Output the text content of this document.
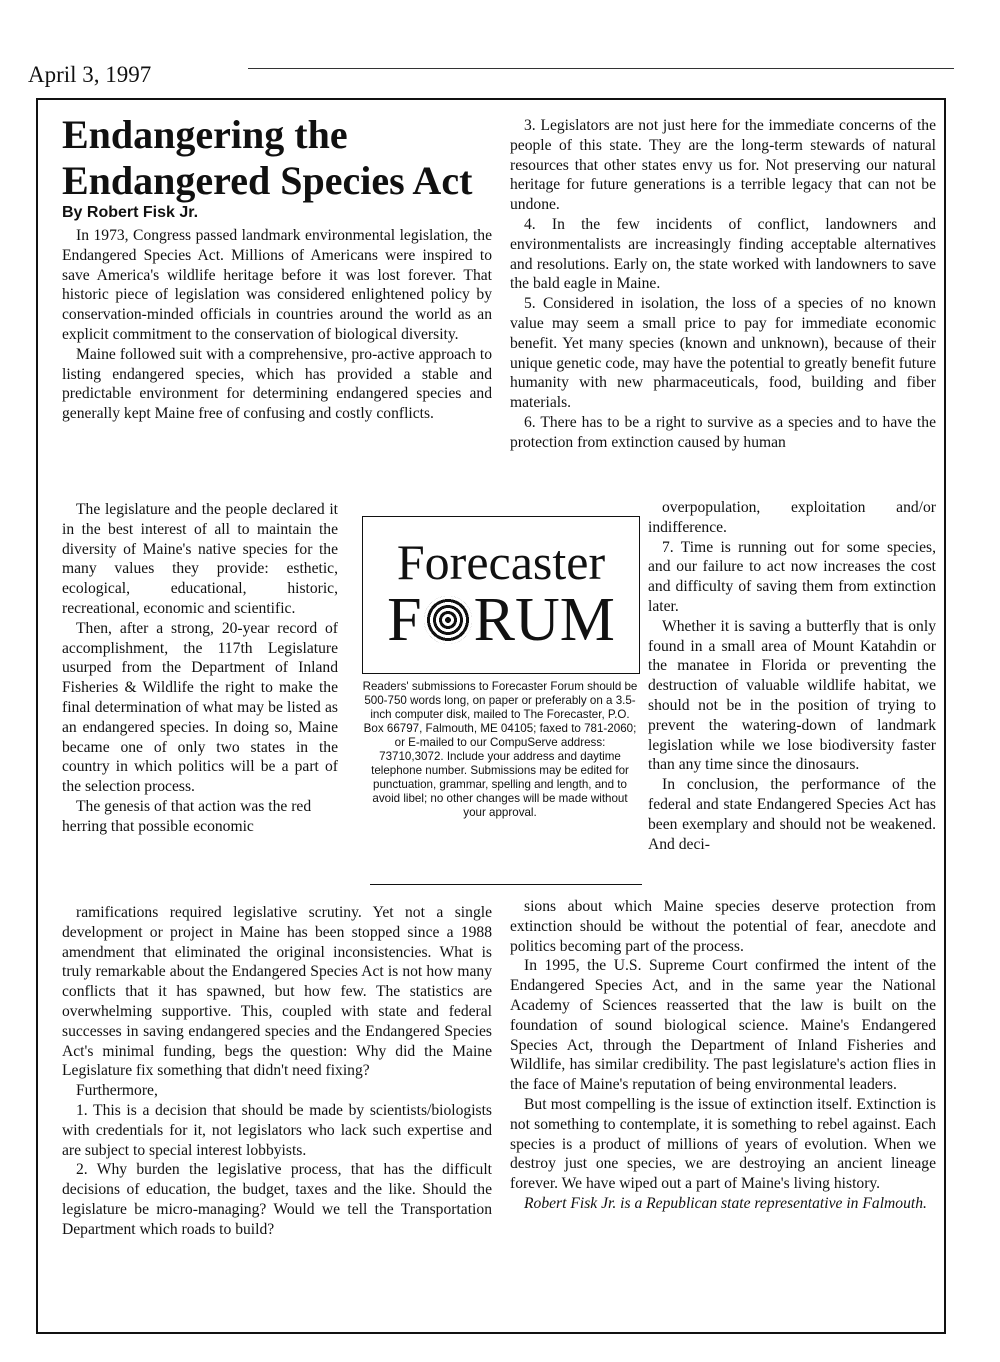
April 3, 1997
Endangering the Endangered Species Act
By Robert Fisk Jr.

In 1973, Congress passed landmark environmental legislation, the Endangered Species Act. Millions of Americans were inspired to save America's wildlife heritage before it was lost forever. That historic piece of legislation was considered enlightened policy by conservation-minded officials in countries around the world as an explicit commitment to the conservation of biological diversity.

Maine followed suit with a comprehensive, pro-active approach to listing endangered species, which has provided a stable and predictable environment for determining endangered species and generally kept Maine free of confusing and costly conflicts.

The legislature and the people declared it in the best interest of all to maintain the diversity of Maine's native species for the many values they provide: esthetic, ecological, educational, historic, recreational, economic and scientific.

Then, after a strong, 20-year record of accomplishment, the 117th Legislature usurped from the Department of Inland Fisheries & Wildlife the right to make the final determination of what may be listed as an endangered species. In doing so, Maine became one of only two states in the country in which politics will be a part of the selection process.

The genesis of that action was the red herring that possible economic

ramifications required legislative scrutiny. Yet not a single development or project in Maine has been stopped since a 1988 amendment that eliminated the original inconsistencies. What is truly remarkable about the Endangered Species Act is not how many conflicts that it has spawned, but how few. The statistics are overwhelming supportive. This, coupled with state and federal successes in saving endangered species and the Endangered Species Act's minimal funding, begs the question: Why did the Maine Legislature fix something that didn't need fixing?

Furthermore,

1. This is a decision that should be made by scientists/biologists with credentials for it, not legislators who lack such expertise and are subject to special interest lobbyists.

2. Why burden the legislative process, that has the difficult decisions of education, the budget, taxes and the like. Should the legislature be micro-managing? Would we tell the Transportation Department which roads to build?

3. Legislators are not just here for the immediate concerns of the people of this state. They are the long-term stewards of natural resources that other states envy us for. Not preserving our natural heritage for future generations is a terrible legacy that can not be undone.

4. In the few incidents of conflict, landowners and environmentalists are increasingly finding acceptable alternatives and resolutions. Early on, the state worked with landowners to save the bald eagle in Maine.

5. Considered in isolation, the loss of a species of no known value may seem a small price to pay for immediate economic benefit. Yet many species (known and unknown), because of their unique genetic code, may have the potential to greatly benefit future humanity with new pharmaceuticals, food, building and fiber materials.

6. There has to be a right to survive as a species and to have the protection from extinction caused by human

overpopulation, exploitation and/or indifference.

7. Time is running out for some species, and our failure to act now increases the cost and difficulty of saving them from extinction later.

Whether it is saving a butterfly that is only found in a small area of Mount Katahdin or the manatee in Florida or preventing the destruction of valuable wildlife habitat, we should not be in the position of trying to prevent the watering-down of landmark legislation while we lose biodiversity faster than any time since the dinosaurs.

In conclusion, the performance of the federal and state Endangered Species Act has been exemplary and should not be weakened. And deci-

sions about which Maine species deserve protection from extinction should be without the potential of fear, anecdote and politics becoming part of the process.

In 1995, the U.S. Supreme Court confirmed the intent of the Endangered Species Act, and in the same year the National Academy of Sciences reasserted that the law is built on the foundation of sound biological science. Maine's Endangered Species Act, through the Department of Inland Fisheries and Wildlife, has similar credibility. The past legislature's action flies in the face of Maine's reputation of being environmental leaders.

But most compelling is the issue of extinction itself. Extinction is not something to contemplate, it is something to rebel against. Each species is a product of millions of years of evolution. When we destroy just one species, we are destroying an ancient lineage forever. We have wiped out a part of Maine's living history.

Robert Fisk Jr. is a Republican state representative in Falmouth.

Forecaster
F RUM
Readers' submissions to Forecaster Forum should be 500-750 words long, on paper or preferably on a 3.5-inch computer disk, mailed to The Forecaster, P.O. Box 66797, Falmouth, ME 04105; faxed to 781-2060; or E-mailed to our CompuServe address: 73710,3072. Include your address and daytime telephone number. Submissions may be edited for punctuation, grammar, spelling and length, and to avoid libel; no other changes will be made without your approval.
